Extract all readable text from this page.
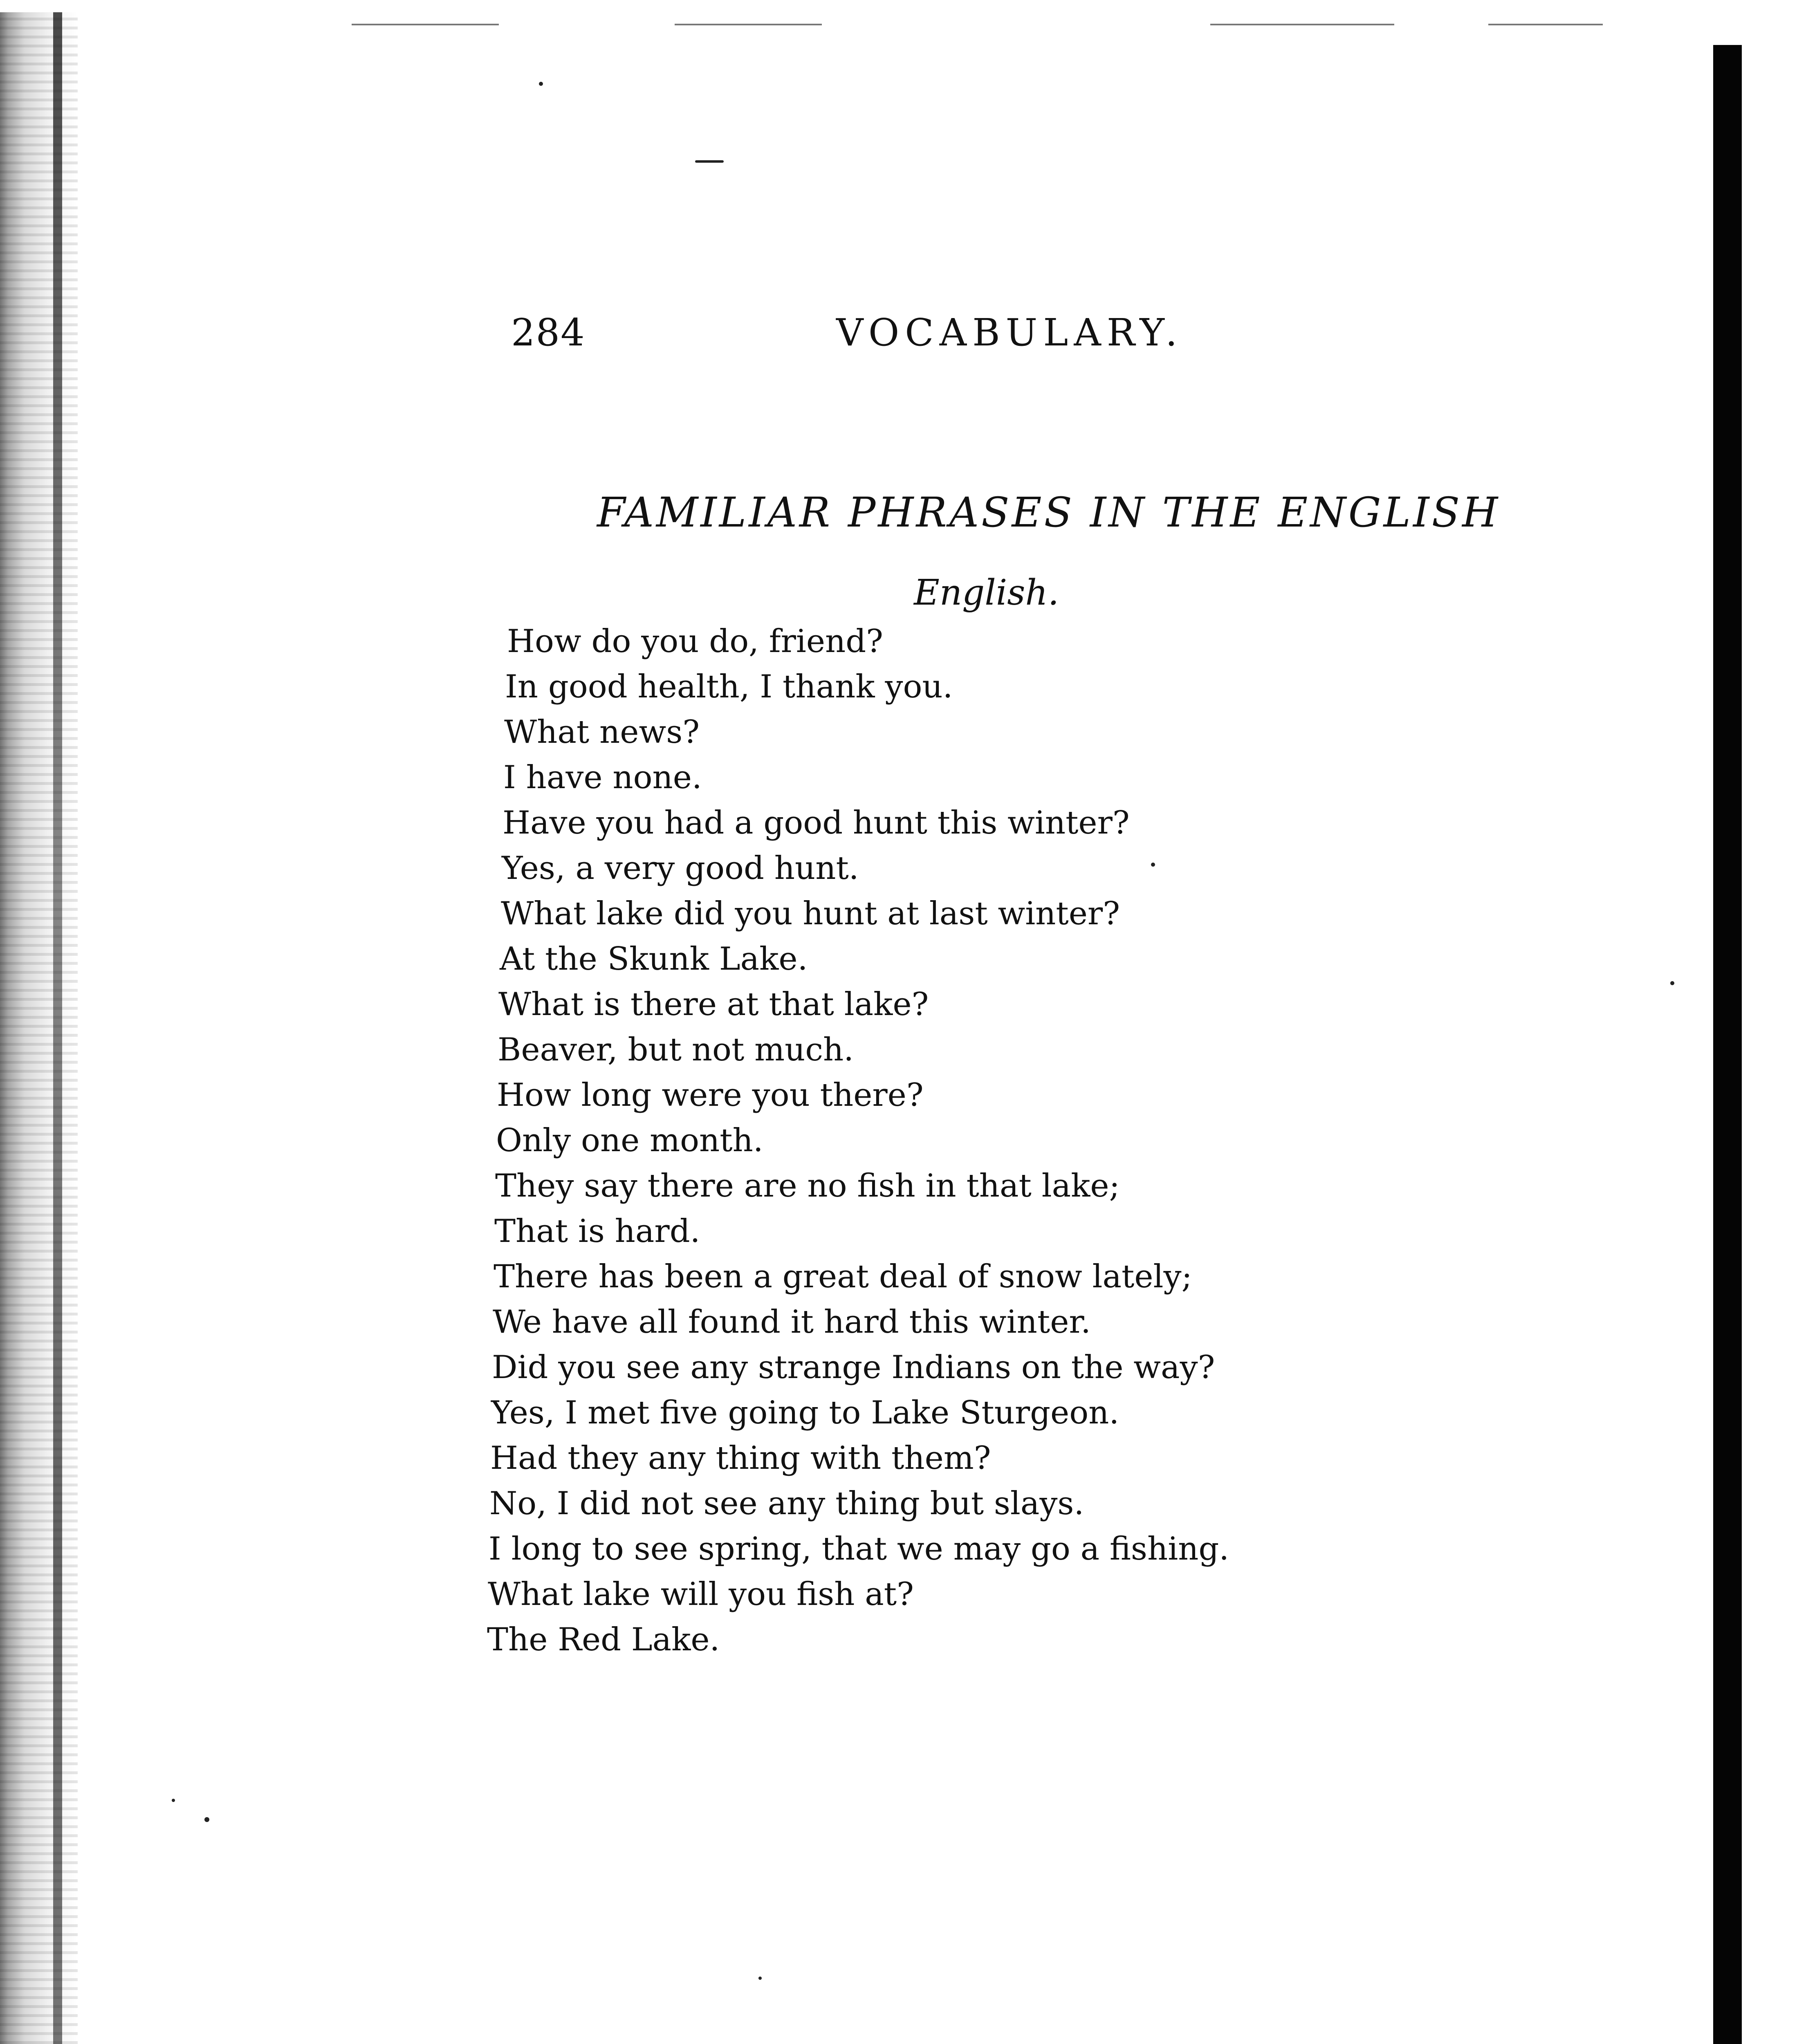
284	VOCABULARY.
FAMILIAR PHRASES IN THE ENGLISH

English.

How do you do, friend?

In good health, I thank you.

What news?

I have none.

Have you had a good hunt this winter?

Yes, a very good hunt.

What lake did you hunt at last winter?

At the Skunk Lake.

What is there at that lake?

Beaver, but not much.

How long were you there?

Only one month.

They say there are no fish in that lake;

That is hard.

There has been a great deal of snow lately;

We have all found it hard this winter.

Did you see any strange Indians on the way?

Yes, I met five going to Lake Sturgeon.

Had they any thing with them?

No, I did not see any thing but slays.

I long to see spring, that we may go a fishing.

What lake will you fish at?

The Red Lake.
